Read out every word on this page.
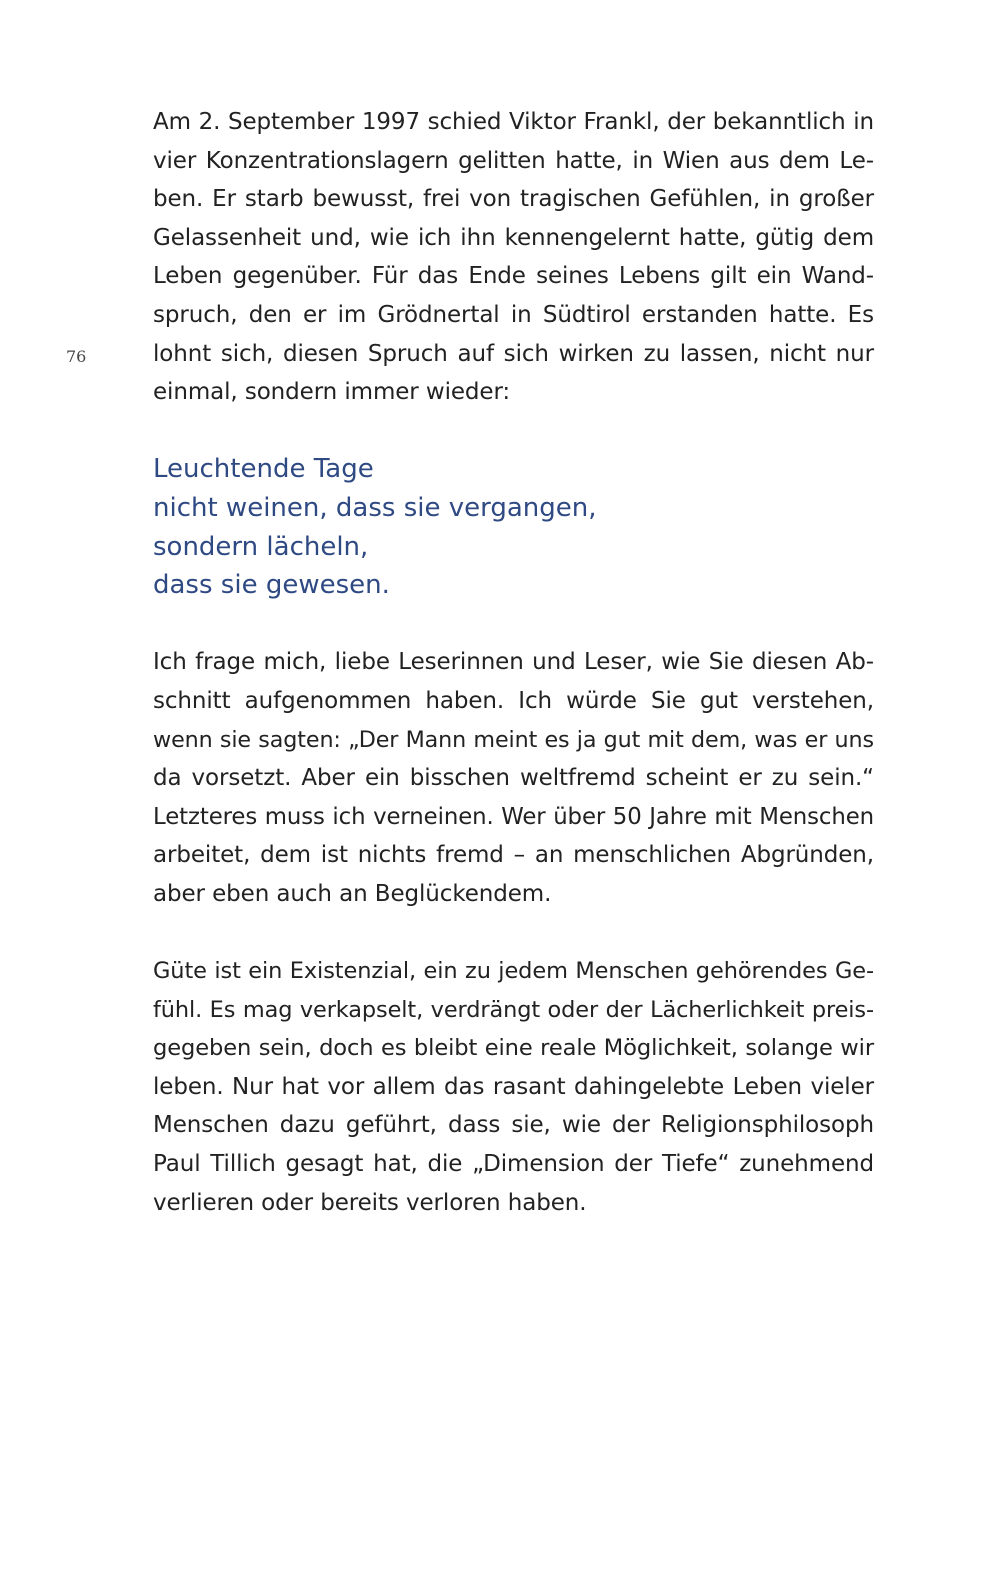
76

Am 2. September 1997 schied Viktor Frankl, der bekanntlich in
vier Konzentrationslagern gelitten hatte, in Wien aus dem Le-
ben. Er starb bewusst, frei von tragischen Gefühlen, in großer
Gelassenheit und, wie ich ihn kennengelernt hatte, gütig dem
Leben gegenüber. Für das Ende seines Lebens gilt ein Wand-
spruch, den er im Grödnertal in Südtirol erstanden hatte. Es
lohnt sich, diesen Spruch auf sich wirken zu lassen, nicht nur
einmal, sondern immer wieder:

Leuchtende Tage
nicht weinen, dass sie vergangen,
sondern lächeln,
dass sie gewesen.

Ich frage mich, liebe Leserinnen und Leser, wie Sie diesen Ab-
schnitt aufgenommen haben. Ich würde Sie gut verstehen,
wenn sie sagten: „Der Mann meint es ja gut mit dem, was er uns
da vorsetzt. Aber ein bisschen weltfremd scheint er zu sein.“
Letzteres muss ich verneinen. Wer über 50 Jahre mit Menschen
arbeitet, dem ist nichts fremd – an menschlichen Abgründen,
aber eben auch an Beglückendem.

Güte ist ein Existenzial, ein zu jedem Menschen gehörendes Ge-
fühl. Es mag verkapselt, verdrängt oder der Lächerlichkeit preis-
gegeben sein, doch es bleibt eine reale Möglichkeit, solange wir
leben. Nur hat vor allem das rasant dahingelebte Leben vieler
Menschen dazu geführt, dass sie, wie der Religionsphilosoph
Paul Tillich gesagt hat, die „Dimension der Tiefe“ zunehmend
verlieren oder bereits verloren haben.
